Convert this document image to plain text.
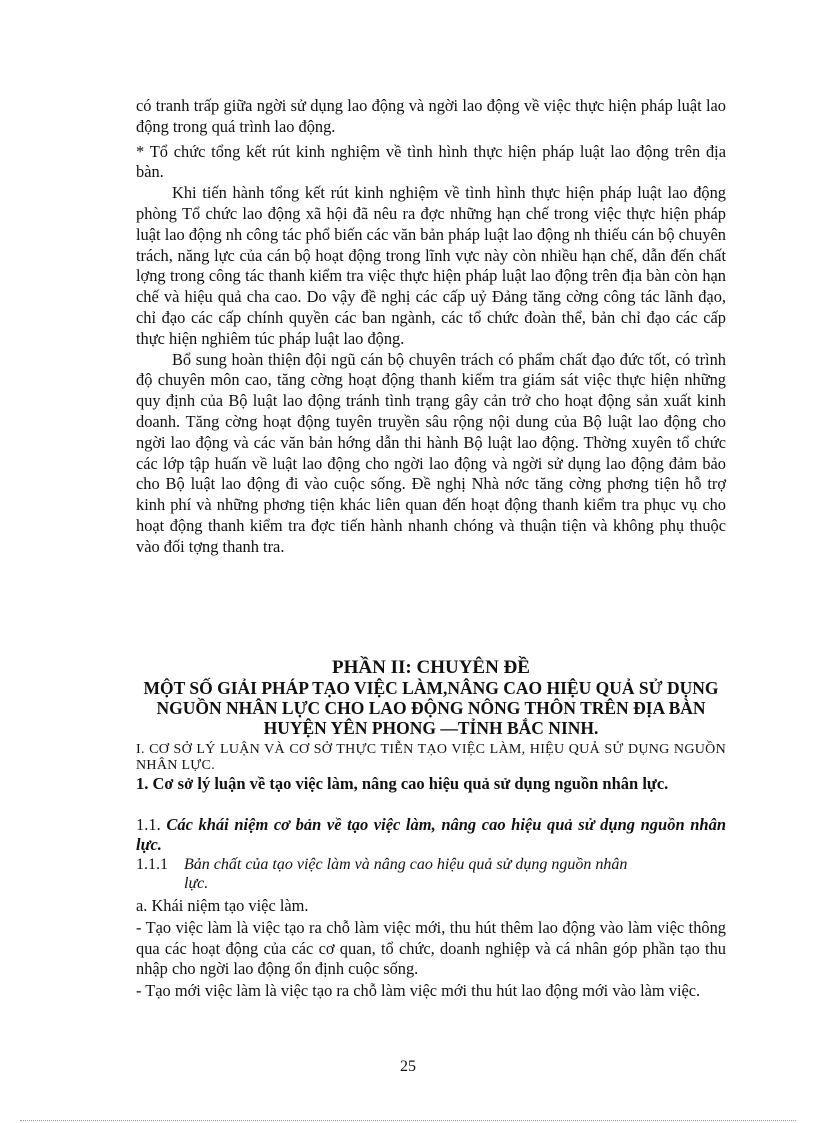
có tranh trấp giữa ngời sử dụng lao động và ngời lao động về việc thực hiện pháp luật lao động trong quá trình lao động.

* Tổ chức tổng kết rút kinh nghiệm về tình hình thực hiện pháp luật lao động trên địa bàn.

Khi tiến hành tổng kết rút kinh nghiệm về tình hình thực hiện pháp luật lao động phòng Tổ chức lao động xã hội đã nêu ra đợc những hạn chế trong việc thực hiện pháp luật lao động nh công tác phổ biến các văn bản pháp luật lao động nh thiếu cán bộ chuyên trách, năng lực của cán bộ hoạt động trong lĩnh vực này còn nhiều hạn chế, dẫn đến chất lợng trong công tác thanh kiểm tra việc thực hiện pháp luật lao động trên địa bàn còn hạn chế và hiệu quả cha cao. Do vậy đề nghị các cấp uỷ Đảng tăng cờng công tác lãnh đạo, chỉ đạo các cấp chính quyền các ban ngành, các tổ chức đoàn thể, bản chỉ đạo các cấp thực hiện nghiêm túc pháp luật lao động.

Bổ sung hoàn thiện đội ngũ cán bộ chuyên trách có phẩm chất đạo đức tốt, có trình độ chuyên môn cao, tăng cờng hoạt động thanh kiểm tra giám sát việc thực hiện những quy định của Bộ luật lao động tránh tình trạng gây cản trở cho hoạt động sản xuất kinh doanh. Tăng cờng hoạt động tuyên truyền sâu rộng nội dung của Bộ luật lao động cho ngời lao động và các văn bản hớng dẫn thi hành Bộ luật lao động. Thờng xuyên tổ chức các lớp tập huấn về luật lao động cho ngời lao động và ngời sử dụng lao động đảm bảo cho Bộ luật lao động đi vào cuộc sống. Đề nghị Nhà nớc tăng cờng phơng tiện hỗ trợ kinh phí và những phơng tiện khác liên quan đến hoạt động thanh kiểm tra phục vụ cho hoạt động thanh kiểm tra đợc tiến hành nhanh chóng và thuận tiện và không phụ thuộc vào đối tợng thanh tra.

PHẦN II: CHUYÊN ĐỀ
MỘT SỐ GIẢI PHÁP TẠO VIỆC LÀM,NÂNG CAO HIỆU QUẢ SỬ DỤNG NGUỒN NHÂN LỰC CHO LAO ĐỘNG NÔNG THÔN TRÊN ĐỊA BÀN HUYỆN YÊN PHONG —TỈNH BẮC NINH.
I. CƠ SỞ LÝ LUẬN VÀ CƠ SỞ THỰC TIỄN TẠO VIỆC LÀM, HIỆU QUẢ SỬ DỤNG NGUỒN NHÂN LỰC.
1. Cơ sở lý luận về tạo việc làm, nâng cao hiệu quả sử dụng nguồn nhân lực.
1.1. Các khái niệm cơ bản về tạo việc làm, nâng cao hiệu quả sử dụng nguồn nhân lực.
1.1.1 Bản chất của tạo việc làm và nâng cao hiệu quả sử dụng nguồn nhân
lực.

a. Khái niệm tạo việc làm.

- Tạo việc làm là việc tạo ra chỗ làm việc mới, thu hút thêm lao động vào làm việc thông qua các hoạt động của các cơ quan, tổ chức, doanh nghiệp và cá nhân góp phần tạo thu nhập cho ngời lao động ổn định cuộc sống.

- Tạo mới việc làm là việc tạo ra chỗ làm việc mới thu hút lao động mới vào làm việc.

25
